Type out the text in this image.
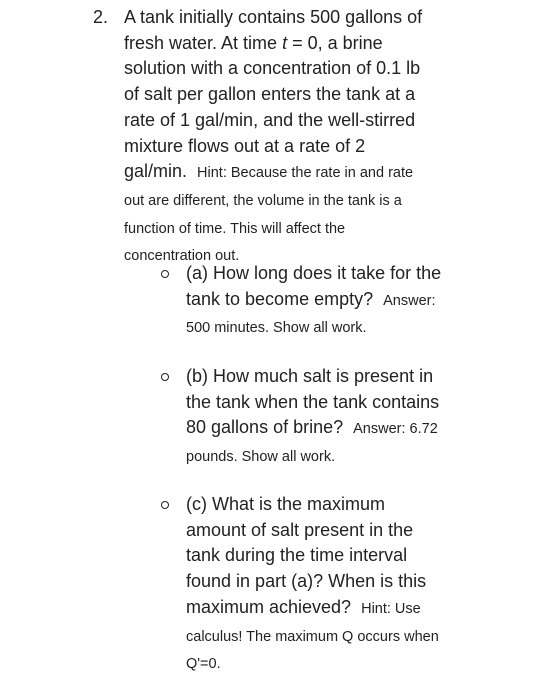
2. A tank initially contains 500 gallons of fresh water. At time t = 0, a brine solution with a concentration of 0.1 lb of salt per gallon enters the tank at a rate of 1 gal/min, and the well-stirred mixture flows out at a rate of 2 gal/min. Hint: Because the rate in and rate out are different, the volume in the tank is a function of time. This will affect the concentration out.
(a) How long does it take for the tank to become empty? Answer: 500 minutes. Show all work.
(b) How much salt is present in the tank when the tank contains 80 gallons of brine? Answer: 6.72 pounds. Show all work.
(c) What is the maximum amount of salt present in the tank during the time interval found in part (a)? When is this maximum achieved? Hint: Use calculus! The maximum Q occurs when Q'=0.
